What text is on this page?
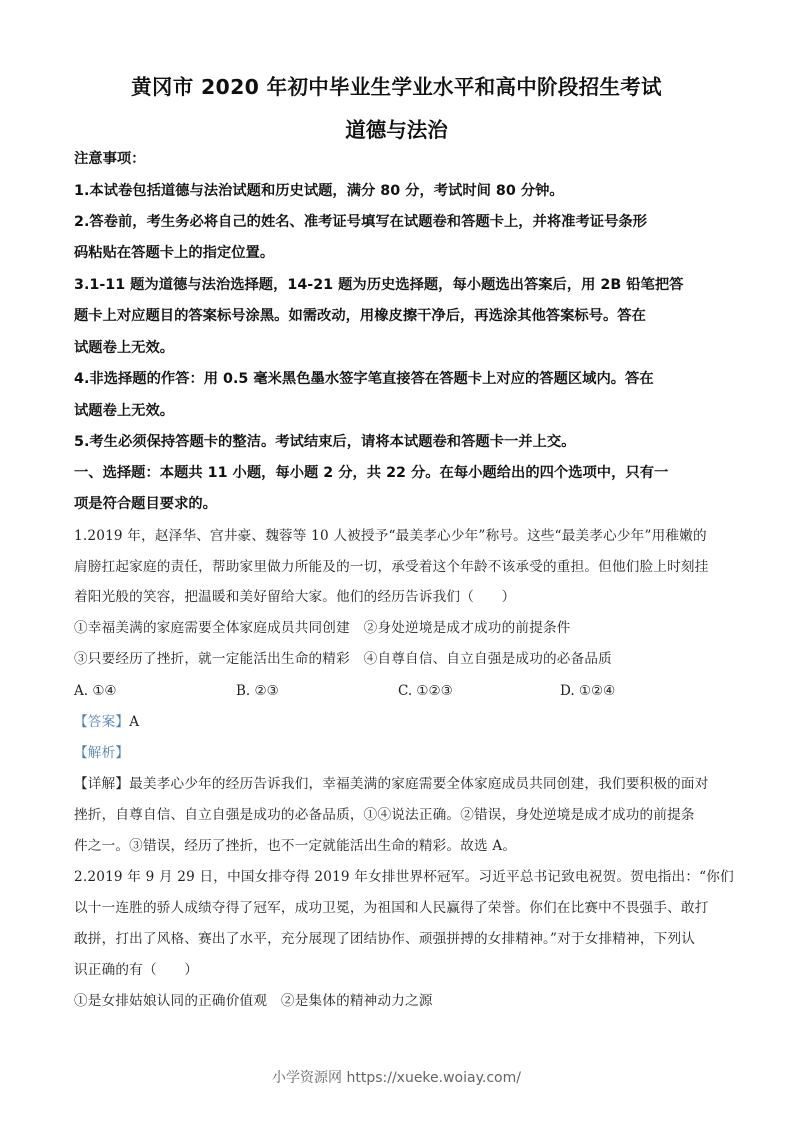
黄冈市 2020 年初中毕业生学业水平和高中阶段招生考试
道德与法治
注意事项：
1.本试卷包括道德与法治试题和历史试题，满分 80 分，考试时间 80 分钟。
2.答卷前，考生务必将自己的姓名、准考证号填写在试题卷和答题卡上，并将准考证号条形
码粘贴在答题卡上的指定位置。
3.1-11 题为道德与法治选择题，14-21 题为历史选择题，每小题选出答案后，用 2B 铅笔把答
题卡上对应题目的答案标号涂黑。如需改动，用橡皮擦干净后，再选涂其他答案标号。答在
试题卷上无效。
4.非选择题的作答：用 0.5 毫米黑色墨水签字笔直接答在答题卡上对应的答题区域内。答在
试题卷上无效。
5.考生必须保持答题卡的整洁。考试结束后，请将本试题卷和答题卡一并上交。
一、选择题：本题共 11 小题，每小题 2 分，共 22 分。在每小题给出的四个选项中，只有一
项是符合题目要求的。
1.2019 年，赵泽华、宫井豪、魏蓉等 10 人被授予“最美孝心少年”称号。这些“最美孝心少年”用稚嫩的
肩膀扛起家庭的责任，帮助家里做力所能及的一切，承受着这个年龄不该承受的重担。但他们脸上时刻挂
着阳光般的笑容，把温暖和美好留给大家。他们的经历告诉我们（　　）
①幸福美满的家庭需要全体家庭成员共同创建　②身处逆境是成才成功的前提条件
③只要经历了挫折，就一定能活出生命的精彩　④自尊自信、自立自强是成功的必备品质
A. ①④	B. ②③	C. ①②③	D. ①②④
【答案】A
【解析】
【详解】最美孝心少年的经历告诉我们，幸福美满的家庭需要全体家庭成员共同创建，我们要积极的面对
挫折，自尊自信、自立自强是成功的必备品质，①④说法正确。②错误，身处逆境是成才成功的前提条
件之一。③错误，经历了挫折，也不一定就能活出生命的精彩。故选 A。
2.2019 年 9 月 29 日，中国女排夺得 2019 年女排世界杯冠军。习近平总书记致电祝贺。贺电指出：“你们
以十一连胜的骄人成绩夺得了冠军，成功卫冕，为祖国和人民赢得了荣誉。你们在比赛中不畏强手、敢打
敢拼，打出了风格、赛出了水平，充分展现了团结协作、顽强拼搏的女排精神。”对于女排精神，下列认
识正确的有（　　）
①是女排姑娘认同的正确价值观　②是集体的精神动力之源
小学资源网 https://xueke.woiay.com/
